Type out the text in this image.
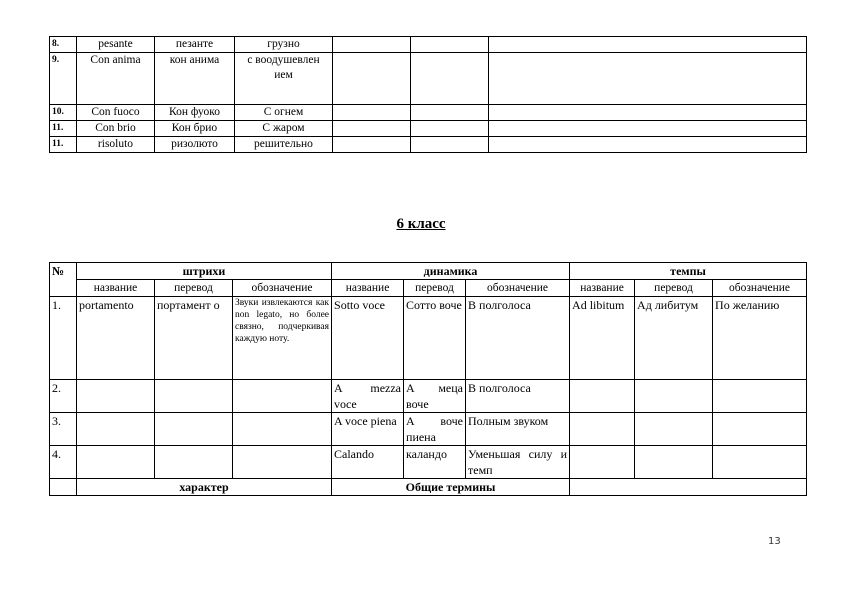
8.	pesante	пезанте	грузно			
9.	Con anima	кон анима	с воодушевлен ием			
10.	Con fuoco	Кон фуоко	С огнем			
11.	Con brio	Кон брио	С жаром			
11.	risoluto	ризолюто	решительно			
6 класс
№	штрихи			динамика			темпы		
	название	перевод	обозначение	название	перевод	обозначение	название	перевод	обозначение
1.	portamento	портамент о	Звуки извлекаются как non legato, но более связно, подчеркивая каждую ноту.	Sotto voce	Сотто воче	В полголоса	Ad libitum	Ад либитум	По желанию
2.				A mezza voce	А меца воче	В полголоса			
3.				A voce piena	А воче пиена	Полным звуком			
4.				Calando	каландо	Уменьшая силу и темп			
	характер			Общие термины					
13
